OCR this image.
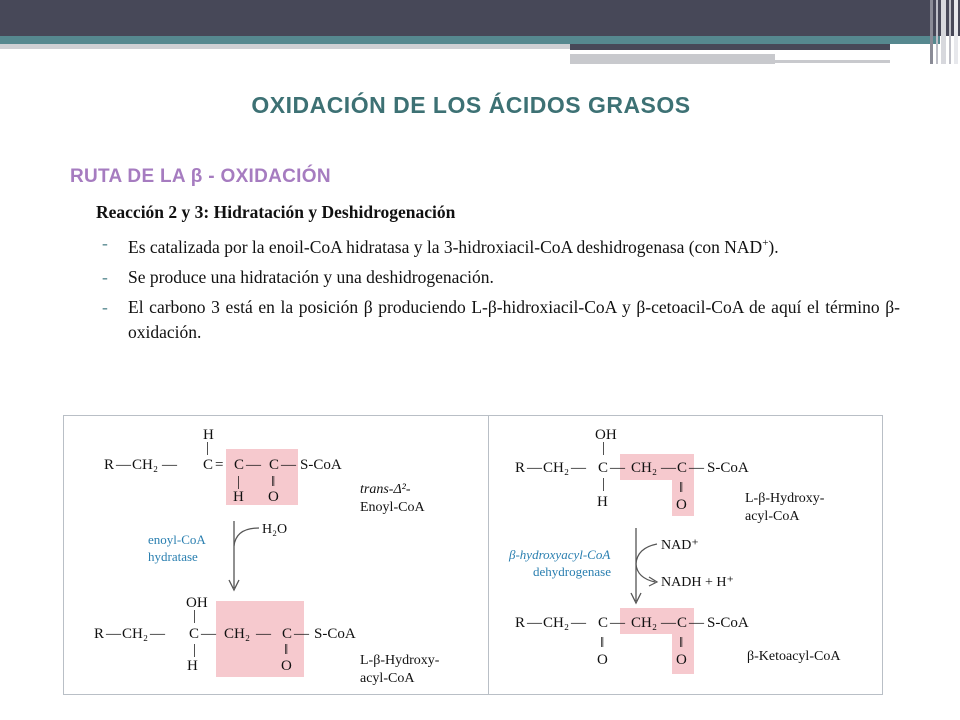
OXIDACIÓN DE LOS ÁCIDOS GRASOS
RUTA DE LA β - OXIDACIÓN
Reacción 2 y 3: Hidratación y Deshidrogenación
- Es catalizada por la enoil-CoA hidratasa y la 3-hidroxiacil-CoA deshidrogenasa (con NAD+).
- Se produce una hidratación y una deshidrogenación.
- El carbono 3 está en la posición β produciendo L-β-hidroxiacil-CoA y β-cetoacil-CoA de aquí el término β-oxidación.
H
|
R — CH₂ — C = C — C — S-CoA
|
H
‖
O	trans-Δ²-
Enoyl-CoA
H₂O
enoyl-CoA
hydratase
OH
|
R — CH₂ — C — CH₂ — C — S-CoA
|
H
‖
O	L-β-Hydroxy-
acyl-CoA
OH
|
R — CH₂ — C — CH₂ — C — S-CoA
|
H
‖
O	L-β-Hydroxy-
acyl-CoA
NAD⁺
NADH + H⁺
β-hydroxyacyl-CoA
dehydrogenase
R — CH₂ — C — CH₂ — C — S-CoA
‖
O
‖
O	β-Ketoacyl-CoA
